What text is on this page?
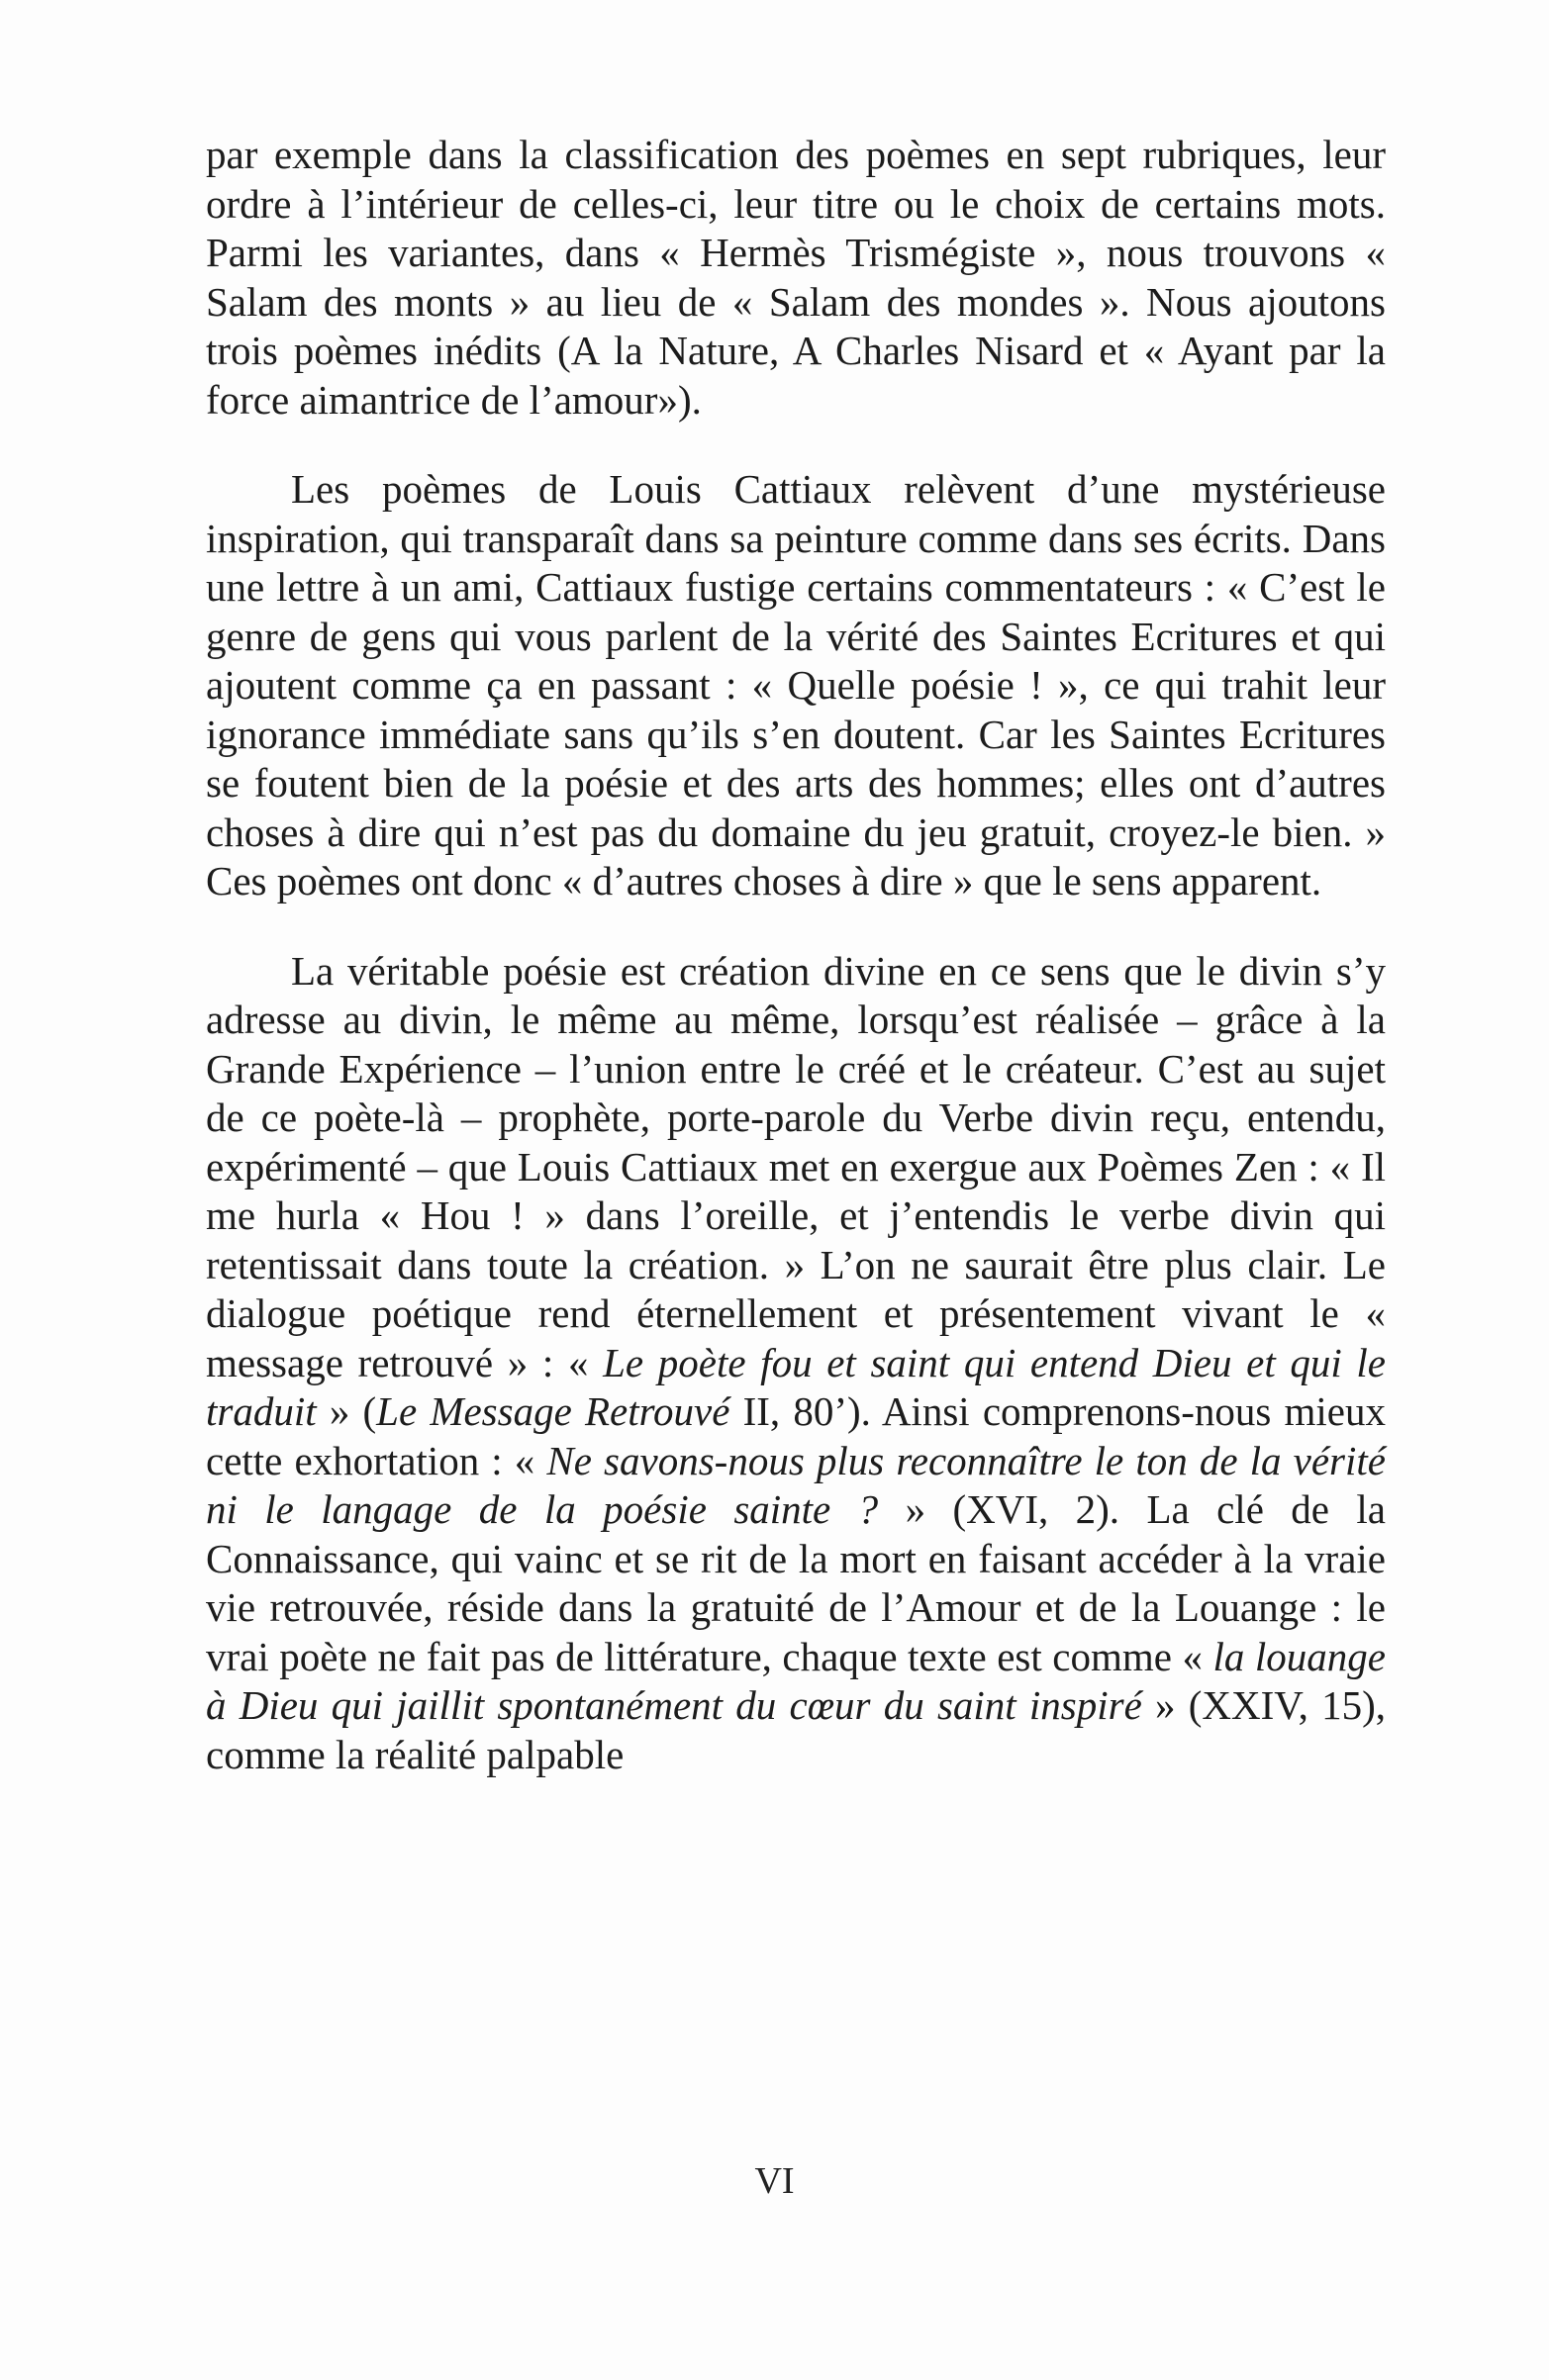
par exemple dans la classification des poèmes en sept rubriques, leur ordre à l’intérieur de celles-ci, leur titre ou le choix de certains mots. Parmi les variantes, dans « Hermès Trismégiste », nous trouvons « Salam des monts » au lieu de « Salam des mondes ». Nous ajoutons trois poèmes inédits (A la Nature, A Charles Nisard et « Ayant par la force aimantrice de l’amour»).

Les poèmes de Louis Cattiaux relèvent d’une mystérieuse inspiration, qui transparaît dans sa peinture comme dans ses écrits. Dans une lettre à un ami, Cattiaux fustige certains commentateurs : « C’est le genre de gens qui vous parlent de la vérité des Saintes Ecritures et qui ajoutent comme ça en passant : « Quelle poésie ! », ce qui trahit leur ignorance immédiate sans qu’ils s’en doutent. Car les Saintes Ecritures se foutent bien de la poésie et des arts des hommes; elles ont d’autres choses à dire qui n’est pas du domaine du jeu gratuit, croyez-le bien. » Ces poèmes ont donc « d’autres choses à dire » que le sens apparent.

La véritable poésie est création divine en ce sens que le divin s’y adresse au divin, le même au même, lorsqu’est réalisée – grâce à la Grande Expérience – l’union entre le créé et le créateur. C’est au sujet de ce poète-là – prophète, porte-parole du Verbe divin reçu, entendu, expérimenté – que Louis Cattiaux met en exergue aux Poèmes Zen : « Il me hurla « Hou ! » dans l’oreille, et j’entendis le verbe divin qui retentissait dans toute la création. » L’on ne saurait être plus clair. Le dialogue poétique rend éternellement et présentement vivant le « message retrouvé » : « Le poète fou et saint qui entend Dieu et qui le traduit » (Le Message Retrouvé II, 80’). Ainsi comprenons-nous mieux cette exhortation : « Ne savons-nous plus reconnaître le ton de la vérité ni le langage de la poésie sainte ? » (XVI, 2). La clé de la Connaissance, qui vainc et se rit de la mort en faisant accéder à la vraie vie retrouvée, réside dans la gratuité de l’Amour et de la Louange : le vrai poète ne fait pas de littérature, chaque texte est comme « la louange à Dieu qui jaillit spontanément du cœur du saint inspiré » (XXIV, 15), comme la réalité palpable

VI
